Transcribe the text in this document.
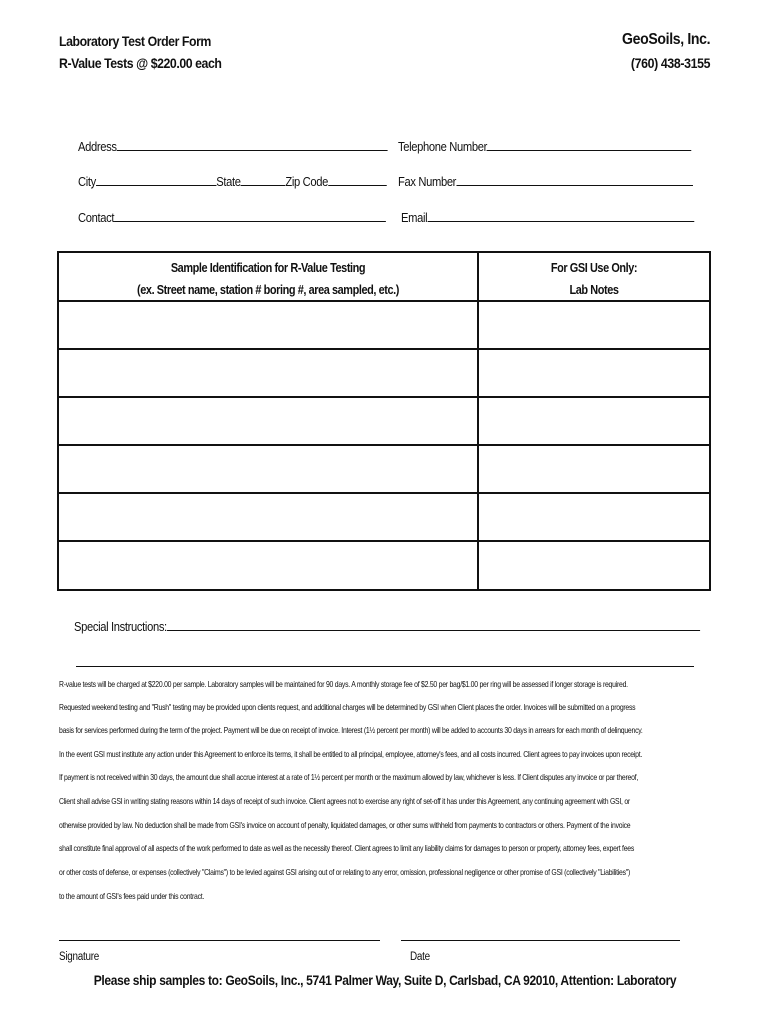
Laboratory Test Order Form
R-Value Tests @ $220.00 each
GeoSoils, Inc.
(760) 438-3155
Address	Telephone Number
City	State	Zip Code	Fax Number
Contact	Email
Sample Identification for R-Value Testing
(ex. Street name, station # boring #, area sampled, etc.)
For GSI Use Only:
Lab Notes
Special Instructions:
R-value tests will be charged at $220.00 per sample. Laboratory samples will be maintained for 90 days. A monthly storage fee of $2.50 per bag/$1.00 per ring will be assessed if longer storage is required.
Requested weekend testing and "Rush" testing may be provided upon clients request, and additional charges will be determined by GSI when Client places the order. Invoices will be submitted on a progress
basis for services performed during the term of the project. Payment will be due on receipt of invoice. Interest (1½ percent per month) will be added to accounts 30 days in arrears for each month of delinquency.
In the event GSI must institute any action under this Agreement to enforce its terms, it shall be entitled to all principal, employee, attorney's fees, and all costs incurred. Client agrees to pay invoices upon receipt.
If payment is not received within 30 days, the amount due shall accrue interest at a rate of 1½ percent per month or the maximum allowed by law, whichever is less. If Client disputes any invoice or par thereof,
Client shall advise GSI in writing stating reasons within 14 days of receipt of such invoice. Client agrees not to exercise any right of set-off it has under this Agreement, any continuing agreement with GSI, or
otherwise provided by law. No deduction shall be made from GSI's invoice on account of penalty, liquidated damages, or other sums withheld from payments to contractors or others. Payment of the invoice
shall constitute final approval of all aspects of the work performed to date as well as the necessity thereof. Client agrees to limit any liability claims for damages to person or property, attorney fees, expert fees
or other costs of defense, or expenses (collectively "Claims") to be levied against GSI arising out of or relating to any error, omission, professional negligence or other promise of GSI (collectively "Liabilities")
to the amount of GSI's fees paid under this contract.
Signature	Date
Please ship samples to: GeoSoils, Inc., 5741 Palmer Way, Suite D, Carlsbad, CA 92010, Attention: Laboratory
